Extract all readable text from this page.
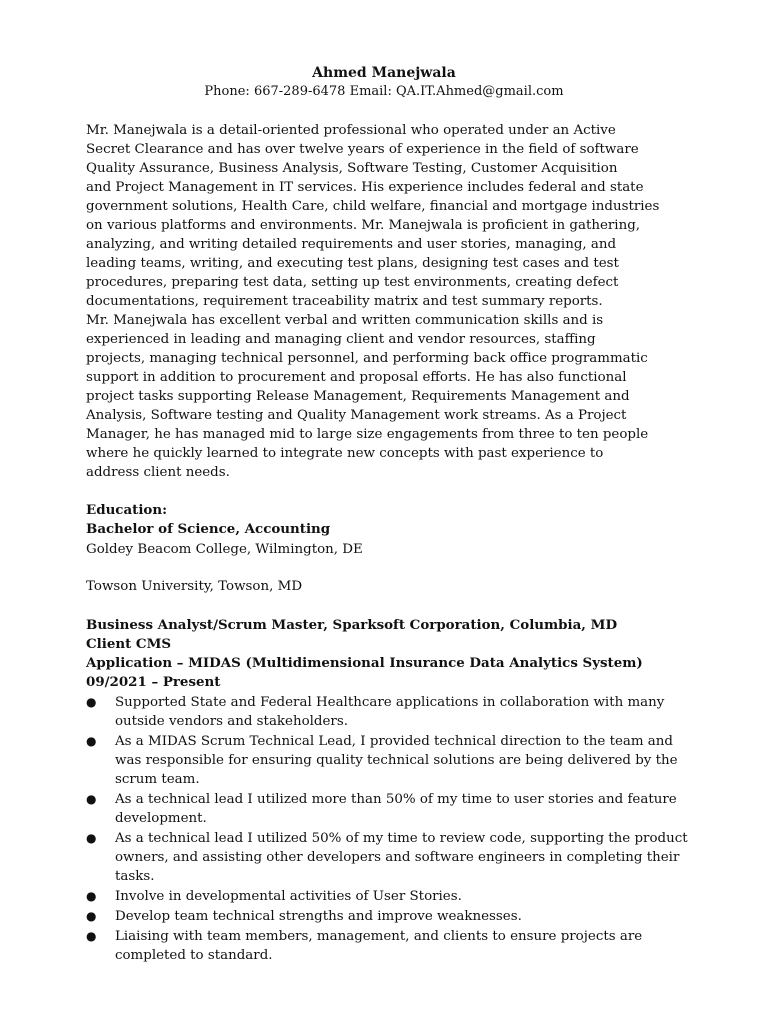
Ahmed Manejwala
Phone: 667-289-6478 Email: QA.IT.Ahmed@gmail.com
Mr. Manejwala is a detail-oriented professional who operated under an Active
Secret Clearance and has over twelve years of experience in the field of software
Quality Assurance, Business Analysis, Software Testing, Customer Acquisition
and Project Management in IT services. His experience includes federal and state
government solutions, Health Care, child welfare, financial and mortgage industries
on various platforms and environments. Mr. Manejwala is proficient in gathering,
analyzing, and writing detailed requirements and user stories, managing, and
leading teams, writing, and executing test plans, designing test cases and test
procedures, preparing test data, setting up test environments, creating defect
documentations, requirement traceability matrix and test summary reports.
Mr. Manejwala has excellent verbal and written communication skills and is
experienced in leading and managing client and vendor resources, staffing
projects, managing technical personnel, and performing back office programmatic
support in addition to procurement and proposal efforts. He has also functional
project tasks supporting Release Management, Requirements Management and
Analysis, Software testing and Quality Management work streams. As a Project
Manager, he has managed mid to large size engagements from three to ten people
where he quickly learned to integrate new concepts with past experience to
address client needs.
Education:
Bachelor of Science, Accounting
Goldey Beacom College, Wilmington, DE
Towson University, Towson, MD
Business Analyst/Scrum Master, Sparksoft Corporation, Columbia, MD
Client CMS
Application – MIDAS (Multidimensional Insurance Data Analytics System)
09/2021 – Present
● Supported State and Federal Healthcare applications in collaboration with many
outside vendors and stakeholders.
● As a MIDAS Scrum Technical Lead, I provided technical direction to the team and
was responsible for ensuring quality technical solutions are being delivered by the
scrum team.
● As a technical lead I utilized more than 50% of my time to user stories and feature
development.
● As a technical lead I utilized 50% of my time to review code, supporting the product
owners, and assisting other developers and software engineers in completing their
tasks.
● Involve in developmental activities of User Stories.
● Develop team technical strengths and improve weaknesses.
● Liaising with team members, management, and clients to ensure projects are
completed to standard.
